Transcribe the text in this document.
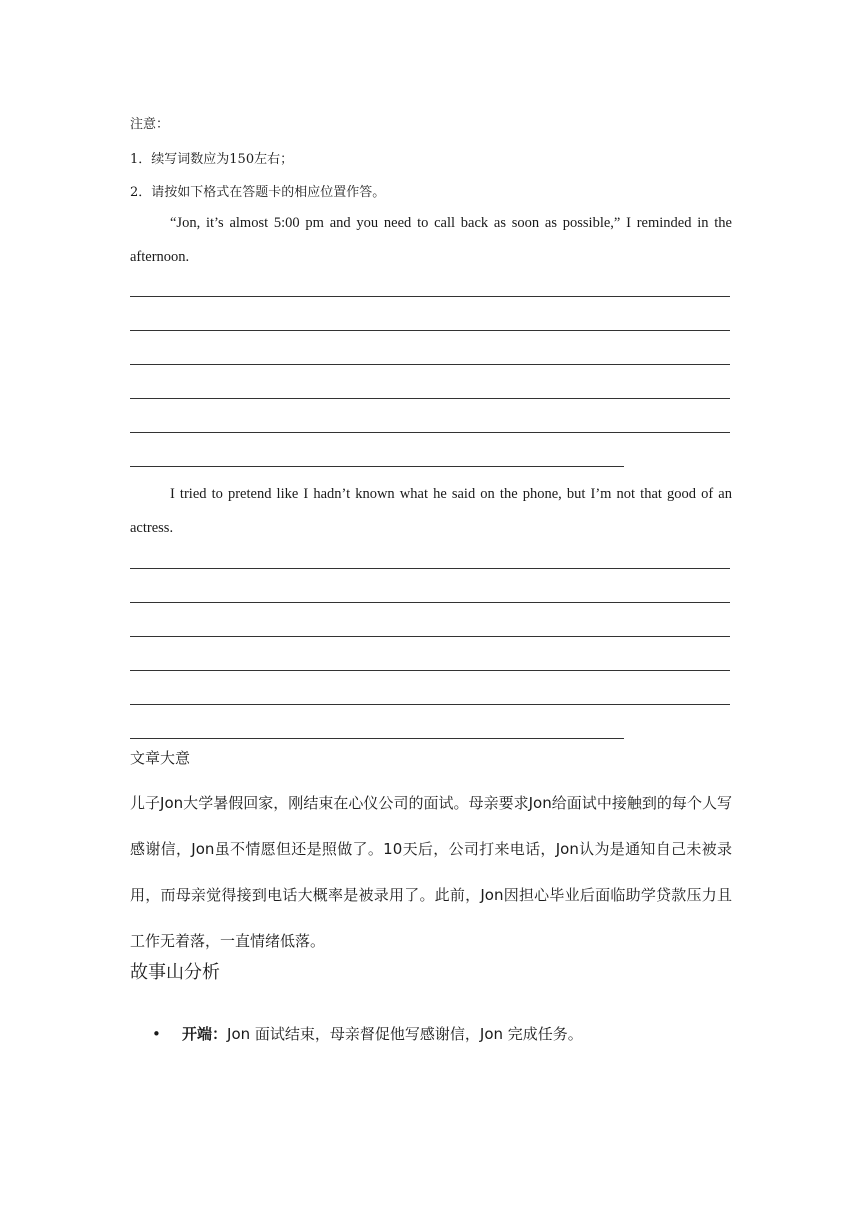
注意：
1．续写词数应为150左右；
2．请按如下格式在答题卡的相应位置作答。
“Jon, it’s almost 5:00 pm and you need to call back as soon as possible,” I reminded in the afternoon.
I tried to pretend like I hadn’t known what he said on the phone, but I’m not that good of an actress.
文章大意
儿子Jon大学暑假回家，刚结束在心仪公司的面试。母亲要求Jon给面试中接触到的每个人写感谢信，Jon虽不情愿但还是照做了。10天后，公司打来电话，Jon认为是通知自己未被录用，而母亲觉得接到电话大概率是被录用了。此前，Jon因担心毕业后面临助学贷款压力且工作无着落，一直情绪低落。
故事山分析
• 开端：Jon 面试结束，母亲督促他写感谢信，Jon 完成任务。
